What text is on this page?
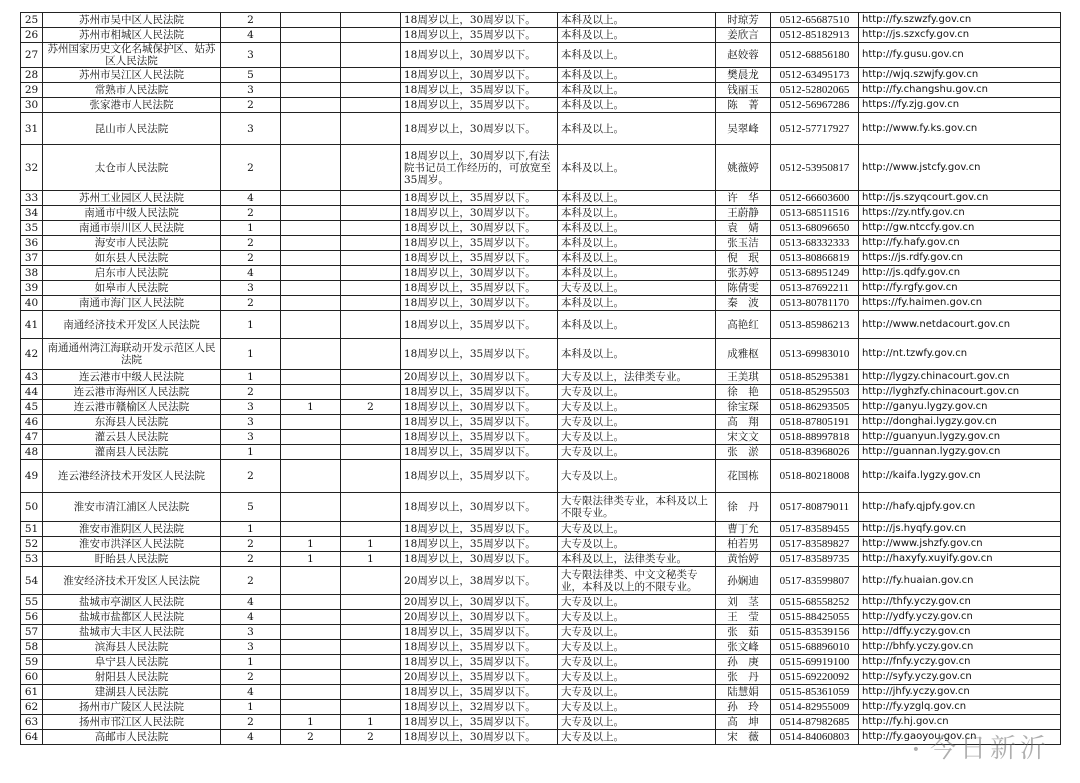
25	苏州市吴中区人民法院	2			18周岁以上，30周岁以下。	本科及以上。	时琼芳	0512-65687510	http://fy.szwzfy.gov.cn
26	苏州市相城区人民法院	4			18周岁以上，35周岁以下。	本科及以上。	姜欣言	0512-85182913	http://js.szxcfy.gov.cn
27	苏州国家历史文化名城保护区、姑苏区人民法院	3			18周岁以上，30周岁以下。	本科及以上。	赵姣蓉	0512-68856180	http://fy.gusu.gov.cn
28	苏州市吴江区人民法院	5			18周岁以上，30周岁以下。	本科及以上。	樊晨龙	0512-63495173	http://wjq.szwjfy.gov.cn
29	常熟市人民法院	3			18周岁以上，35周岁以下。	本科及以上。	钱丽玉	0512-52802065	http://fy.changshu.gov.cn
30	张家港市人民法院	2			18周岁以上，35周岁以下。	本科及以上。	陈　菁	0512-56967286	https://fy.zjg.gov.cn
31	昆山市人民法院	3			18周岁以上，30周岁以下。	本科及以上。	吴翠峰	0512-57717927	http://www.fy.ks.gov.cn
32	太仓市人民法院	2			18周岁以上，30周岁以下,有法院书记员工作经历的，可放宽至35周岁。	本科及以上。	姚薇婷	0512-53950817	http://www.jstcfy.gov.cn
33	苏州工业园区人民法院	4			18周岁以上，35周岁以下。	本科及以上。	许　华	0512-66603600	http://js.szyqcourt.gov.cn
34	南通市中级人民法院	2			18周岁以上，30周岁以下。	本科及以上。	王蔚静	0513-68511516	https://zy.ntfy.gov.cn
35	南通市崇川区人民法院	1			18周岁以上，30周岁以下。	本科及以上。	袁　婧	0513-68096650	http://gw.ntccfy.gov.cn
36	海安市人民法院	2			18周岁以上，35周岁以下。	本科及以上。	张玉洁	0513-68332333	http://fy.hafy.gov.cn
37	如东县人民法院	2			18周岁以上，35周岁以下。	本科及以上。	倪　珉	0513-80866819	https://js.rdfy.gov.cn
38	启东市人民法院	4			18周岁以上，30周岁以下。	本科及以上。	张苏婷	0513-68951249	http://js.qdfy.gov.cn
39	如皋市人民法院	3			18周岁以上，35周岁以下。	大专及以上。	陈倩雯	0513-87692211	http://fy.rgfy.gov.cn
40	南通市海门区人民法院	2			18周岁以上，30周岁以下。	本科及以上。	秦　波	0513-80781170	https://fy.haimen.gov.cn
41	南通经济技术开发区人民法院	1			18周岁以上，35周岁以下。	本科及以上。	高艳红	0513-85986213	http://www.netdacourt.gov.cn
42	南通通州湾江海联动开发示范区人民法院	1			18周岁以上，35周岁以下。	本科及以上。	成雅枢	0513-69983010	http://nt.tzwfy.gov.cn
43	连云港市中级人民法院	1			20周岁以上，30周岁以下。	大专及以上，法律类专业。	王美琪	0518-85295381	http://lygzy.chinacourt.gov.cn
44	连云港市海州区人民法院	2			18周岁以上，35周岁以下。	大专及以上。	徐　艳	0518-85295503	http://lyghzfy.chinacourt.gov.cn
45	连云港市赣榆区人民法院	3	1	2	18周岁以上，30周岁以下。	大专及以上。	徐宝琛	0518-86293505	http://ganyu.lygzy.gov.cn
46	东海县人民法院	3			18周岁以上，35周岁以下。	大专及以上。	高　翔	0518-87805191	http://donghai.lygzy.gov.cn
47	灌云县人民法院	3			18周岁以上，35周岁以下。	大专及以上。	宋文文	0518-88997818	http://guanyun.lygzy.gov.cn
48	灌南县人民法院	1			18周岁以上，35周岁以下。	大专及以上。	张　淤	0518-83968026	http://guannan.lygzy.gov.cn
49	连云港经济技术开发区人民法院	2			18周岁以上，35周岁以下。	大专及以上。	花国栋	0518-80218008	http://kaifa.lygzy.gov.cn
50	淮安市清江浦区人民法院	5			18周岁以上，30周岁以下。	大专限法律类专业，本科及以上不限专业。	徐　丹	0517-80879011	http://hafy.qjpfy.gov.cn
51	淮安市淮阴区人民法院	1			18周岁以上，35周岁以下。	大专及以上。	曹丁允	0517-83589455	http://js.hyqfy.gov.cn
52	淮安市洪泽区人民法院	2	1	1	18周岁以上，35周岁以下。	大专及以上。	柏若男	0517-83589827	http://www.jshzfy.gov.cn
53	盱眙县人民法院	2	1	1	18周岁以上，30周岁以下。	本科及以上，法律类专业。	黄怡婷	0517-83589735	http://haxyfy.xuyify.gov.cn
54	淮安经济技术开发区人民法院	2			20周岁以上，38周岁以下。	大专限法律类、中文文秘类专业，本科及以上的不限专业。	孙娴迪	0517-83599807	http://fy.huaian.gov.cn
55	盐城市亭湖区人民法院	4			20周岁以上，30周岁以下。	大专及以上。	刘　茎	0515-68558252	http://thfy.yczy.gov.cn
56	盐城市盐都区人民法院	4			20周岁以上，30周岁以下。	大专及以上。	王　莹	0515-88425055	http://ydfy.yczy.gov.cn
57	盐城市大丰区人民法院	3			18周岁以上，35周岁以下。	大专及以上。	张　茹	0515-83539156	http://dffy.yczy.gov.cn
58	滨海县人民法院	3			18周岁以上，35周岁以下。	大专及以上。	张文峰	0515-68896010	http://bhfy.yczy.gov.cn
59	阜宁县人民法院	1			18周岁以上，35周岁以下。	大专及以上。	孙　庚	0515-69919100	http://fnfy.yczy.gov.cn
60	射阳县人民法院	2			20周岁以上，35周岁以下。	大专及以上。	张　丹	0515-69220092	http://syfy.yczy.gov.cn
61	建湖县人民法院	4			18周岁以上，35周岁以下。	大专及以上。	陆慧娟	0515-85361059	http://jhfy.yczy.gov.cn
62	扬州市广陵区人民法院	1			18周岁以上，32周岁以下。	大专及以上。	孙　玲	0514-82955009	http://fy.yzglq.gov.cn
63	扬州市邗江区人民法院	2	1	1	18周岁以上，35周岁以下。	大专及以上。	高　坤	0514-87982685	http://fy.hj.gov.cn
64	高邮市人民法院	4	2	2	18周岁以上，30周岁以下。	大专及以上。	宋　薇	0514-84060803	http://fy.gaoyou.gov.cn
• 今日新沂
